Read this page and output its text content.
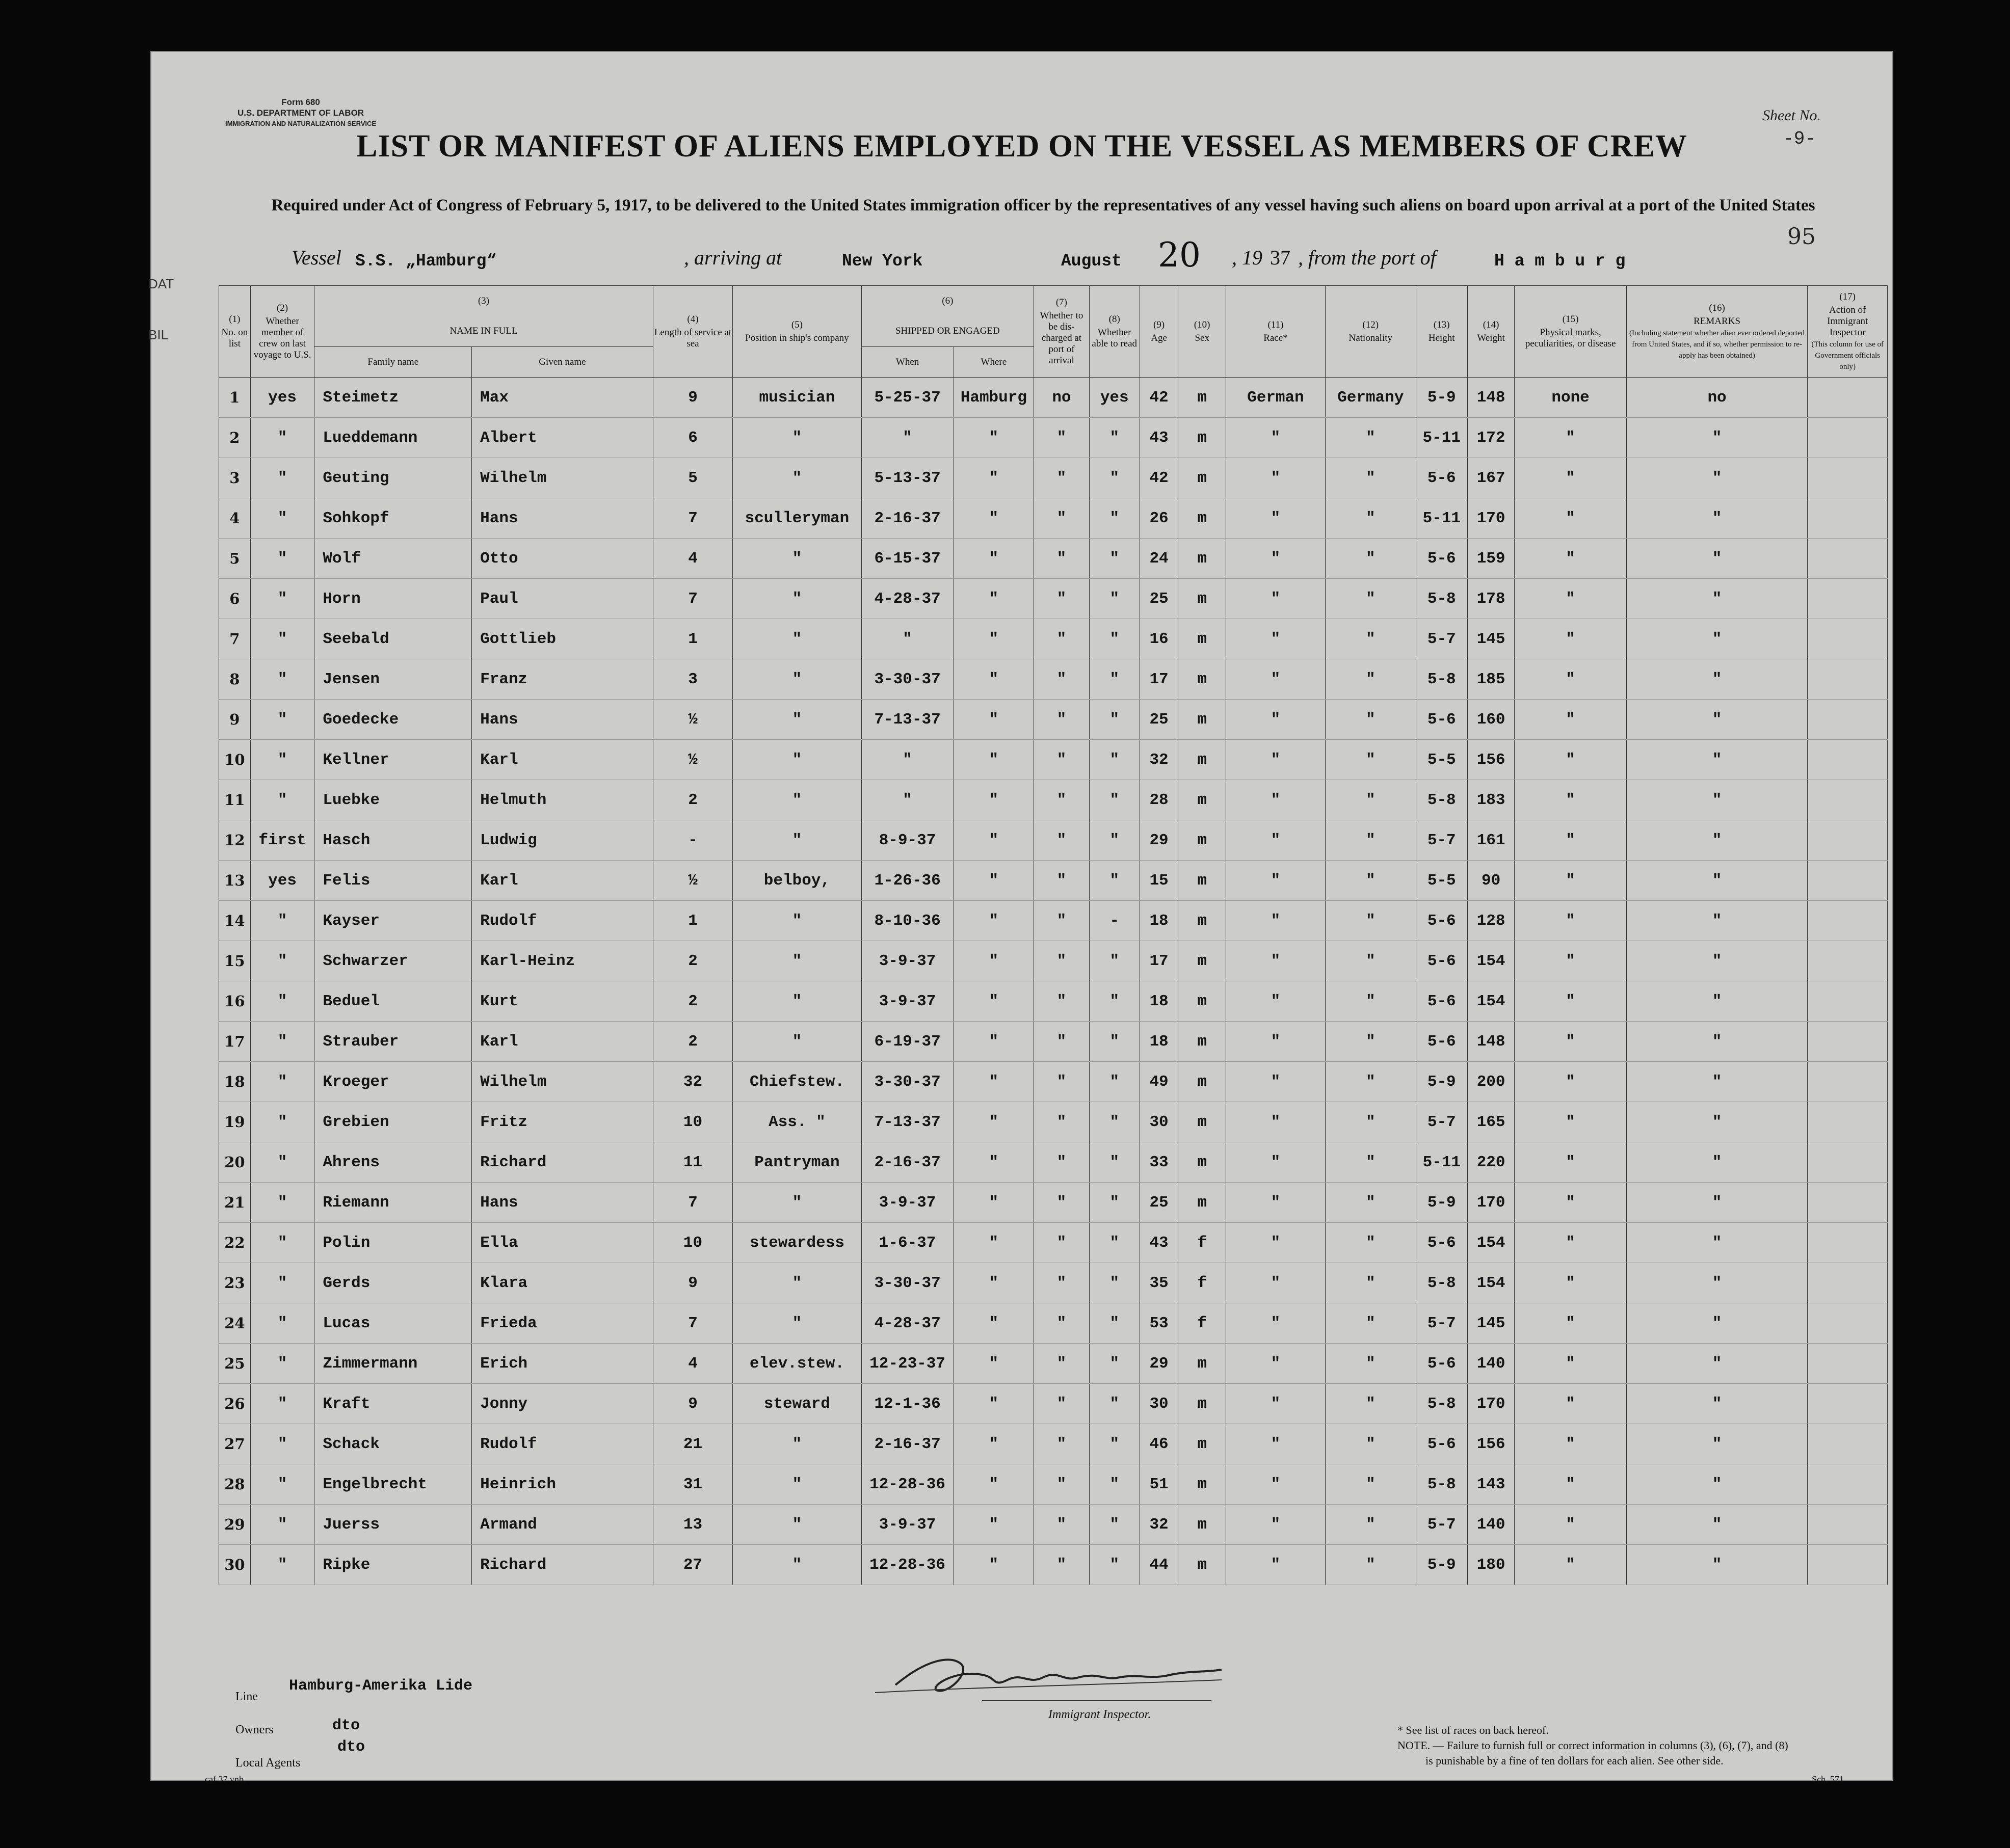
Form 680
U.S. DEPARTMENT OF LABOR
IMMIGRATION AND NATURALIZATION SERVICE	Sheet No.
-9-
LIST OR MANIFEST OF ALIENS EMPLOYED ON THE VESSEL AS MEMBERS OF CREW
Required under Act of Congress of February 5, 1917, to be delivered to the United States immigration officer by the representatives of any vessel having such aliens on board upon arrival at a port of the United States
95
DAT
BIL
Vessel S.S. „Hamburg“	, arriving at	New York	August 20 , 19 37 , from the port of	H a m b u r g
(1)
No. on list	(2)
Whether member of crew on last voyage to U.S.	(3)		(4)
Length of service at sea	(5)
Position in ship's company	(6)		(7)
Whether to be dis-charged at port of arrival	(8)
Whether able to read	(9)
Age	(10)
Sex	(11)
Race*	(12)
Nationality	(13)
Height	(14)
Weight	(15)
Physical marks, peculiarities, or disease	(16)
REMARKS
(Including statement whether alien ever ordered deported from United States, and if so, whether permission to re-apply has been obtained)	(17)
Action of Immigrant Inspector
(This column for use of Government officials only)
		NAME IN FULL				SHIPPED OR ENGAGED												
		Family name	Given name			When	Where											
1	yes	Steimetz	Max	9	musician	5-25-37	Hamburg	no	yes	42	m	German	Germany	5-9	148	none	no	
2	"	Lueddemann	Albert	6	"	"	"	"	"	43	m	"	"	5-11	172	"	"	
3	"	Geuting	Wilhelm	5	"	5-13-37	"	"	"	42	m	"	"	5-6	167	"	"	
4	"	Sohkopf	Hans	7	sculleryman	2-16-37	"	"	"	26	m	"	"	5-11	170	"	"	
5	"	Wolf	Otto	4	"	6-15-37	"	"	"	24	m	"	"	5-6	159	"	"	
6	"	Horn	Paul	7	"	4-28-37	"	"	"	25	m	"	"	5-8	178	"	"	
7	"	Seebald	Gottlieb	1	"	"	"	"	"	16	m	"	"	5-7	145	"	"	
8	"	Jensen	Franz	3	"	3-30-37	"	"	"	17	m	"	"	5-8	185	"	"	
9	"	Goedecke	Hans	½	"	7-13-37	"	"	"	25	m	"	"	5-6	160	"	"	
10	"	Kellner	Karl	½	"	"	"	"	"	32	m	"	"	5-5	156	"	"	
11	"	Luebke	Helmuth	2	"	"	"	"	"	28	m	"	"	5-8	183	"	"	
12	first	Hasch	Ludwig	-	"	8-9-37	"	"	"	29	m	"	"	5-7	161	"	"	
13	yes	Felis	Karl	½	belboy,	1-26-36	"	"	"	15	m	"	"	5-5	90	"	"	
14	"	Kayser	Rudolf	1	"	8-10-36	"	"	-	18	m	"	"	5-6	128	"	"	
15	"	Schwarzer	Karl-Heinz	2	"	3-9-37	"	"	"	17	m	"	"	5-6	154	"	"	
16	"	Beduel	Kurt	2	"	3-9-37	"	"	"	18	m	"	"	5-6	154	"	"	
17	"	Strauber	Karl	2	"	6-19-37	"	"	"	18	m	"	"	5-6	148	"	"	
18	"	Kroeger	Wilhelm	32	Chiefstew.	3-30-37	"	"	"	49	m	"	"	5-9	200	"	"	
19	"	Grebien	Fritz	10	Ass. "	7-13-37	"	"	"	30	m	"	"	5-7	165	"	"	
20	"	Ahrens	Richard	11	Pantryman	2-16-37	"	"	"	33	m	"	"	5-11	220	"	"	
21	"	Riemann	Hans	7	"	3-9-37	"	"	"	25	m	"	"	5-9	170	"	"	
22	"	Polin	Ella	10	stewardess	1-6-37	"	"	"	43	f	"	"	5-6	154	"	"	
23	"	Gerds	Klara	9	"	3-30-37	"	"	"	35	f	"	"	5-8	154	"	"	
24	"	Lucas	Frieda	7	"	4-28-37	"	"	"	53	f	"	"	5-7	145	"	"	
25	"	Zimmermann	Erich	4	elev.stew.	12-23-37	"	"	"	29	m	"	"	5-6	140	"	"	
26	"	Kraft	Jonny	9	steward	12-1-36	"	"	"	30	m	"	"	5-8	170	"	"	
27	"	Schack	Rudolf	21	"	2-16-37	"	"	"	46	m	"	"	5-6	156	"	"	
28	"	Engelbrecht	Heinrich	31	"	12-28-36	"	"	"	51	m	"	"	5-8	143	"	"	
29	"	Juerss	Armand	13	"	3-9-37	"	"	"	32	m	"	"	5-7	140	"	"	
30	"	Ripke	Richard	27	"	12-28-36	"	"	"	44	m	"	"	5-9	180	"	"	
Line
Hamburg-Amerika Lide
Owners	dto
Local Agents
dto
Immigrant Inspector.
* See list of races on back hereof.
NOTE. — Failure to furnish full or correct information in columns (3), (6), (7), and (8)
is punishable by a fine of ten dollars for each alien. See other side.
caf 37 vnb.	Sch. 571
